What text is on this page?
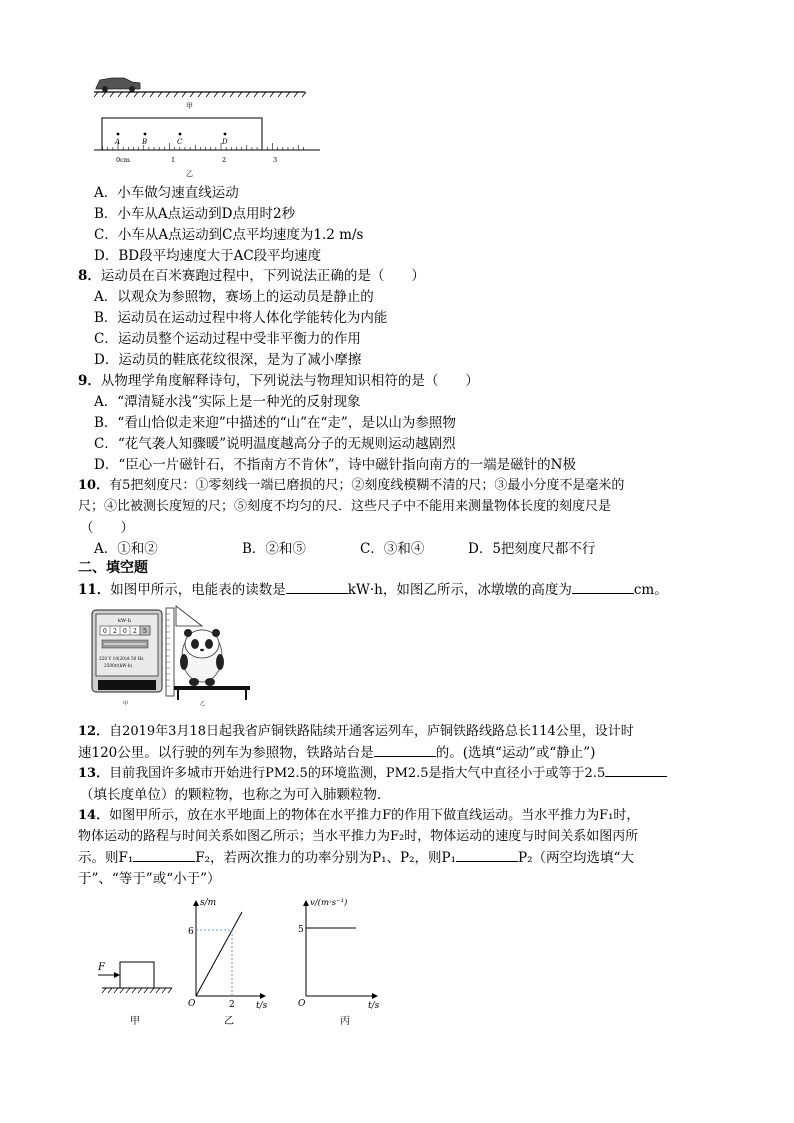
甲
A	B	C	D
0cm	1	2	3
乙
A．小车做匀速直线运动
B．小车从A点运动到D点用时2秒
C．小车从A点运动到C点平均速度为1.2 m/s
D．BD段平均速度大于AC段平均速度
8．运动员在百米赛跑过程中，下列说法正确的是（　　）
A．以观众为参照物，赛场上的运动员是静止的
B．运动员在运动过程中将人体化学能转化为内能
C．运动员整个运动过程中受非平衡力的作用
D．运动员的鞋底花纹很深，是为了减小摩擦
9．从物理学角度解释诗句，下列说法与物理知识相符的是（　　）
A．“潭清疑水浅”实际上是一种光的反射现象
B．“看山恰似走来迎”中描述的“山”在“走”，是以山为参照物
C．“花气袭人知骤暖”说明温度越高分子的无规则运动越剧烈
D．“臣心一片磁针石，不指南方不肯休”，诗中磁针指向南方的一端是磁针的N极
10．有5把刻度尺：①零刻线一端已磨损的尺；②刻度线模糊不清的尺；③最小分度不是毫米的
尺；④比被测长度短的尺；⑤刻度不均匀的尺．这些尺子中不能用来测量物体长度的刻度尺是
（　　）
A．①和②	B．②和⑤	C．③和④	D．5把刻度尺都不行
二、填空题
11．如图甲所示，电能表的读数是	kW·h，如图乙所示，冰墩墩的高度为	cm。
kW·h
0 2 0 2 5
220 V 10(20)A 50 Hz
2500r/(kW·h)
甲	乙
12．自2019年3月18日起我省庐铜铁路陆续开通客运列车，庐铜铁路线路总长114公里，设计时
速120公里。以行驶的列车为参照物，铁路站台是	的。(选填“运动”或“静止”)
13．目前我国许多城市开始进行PM2.5的环境监测，PM2.5是指大气中直径小于或等于2.5
（填长度单位）的颗粒物，也称之为可入肺颗粒物．
14．如图甲所示，放在水平地面上的物体在水平推力F的作用下做直线运动。当水平推力为F₁时，
物体运动的路程与时间关系如图乙所示；当水平推力为F₂时，物体运动的速度与时间关系如图丙所
示。则F₁	F₂，若两次推力的功率分别为P₁、P₂，则P₁	P₂（两空均选填“大
于”、“等于”或“小于”）
F
甲
s/m
t/s
O
6
2
乙
v/(m·s⁻¹)
t/s
O
5
丙
